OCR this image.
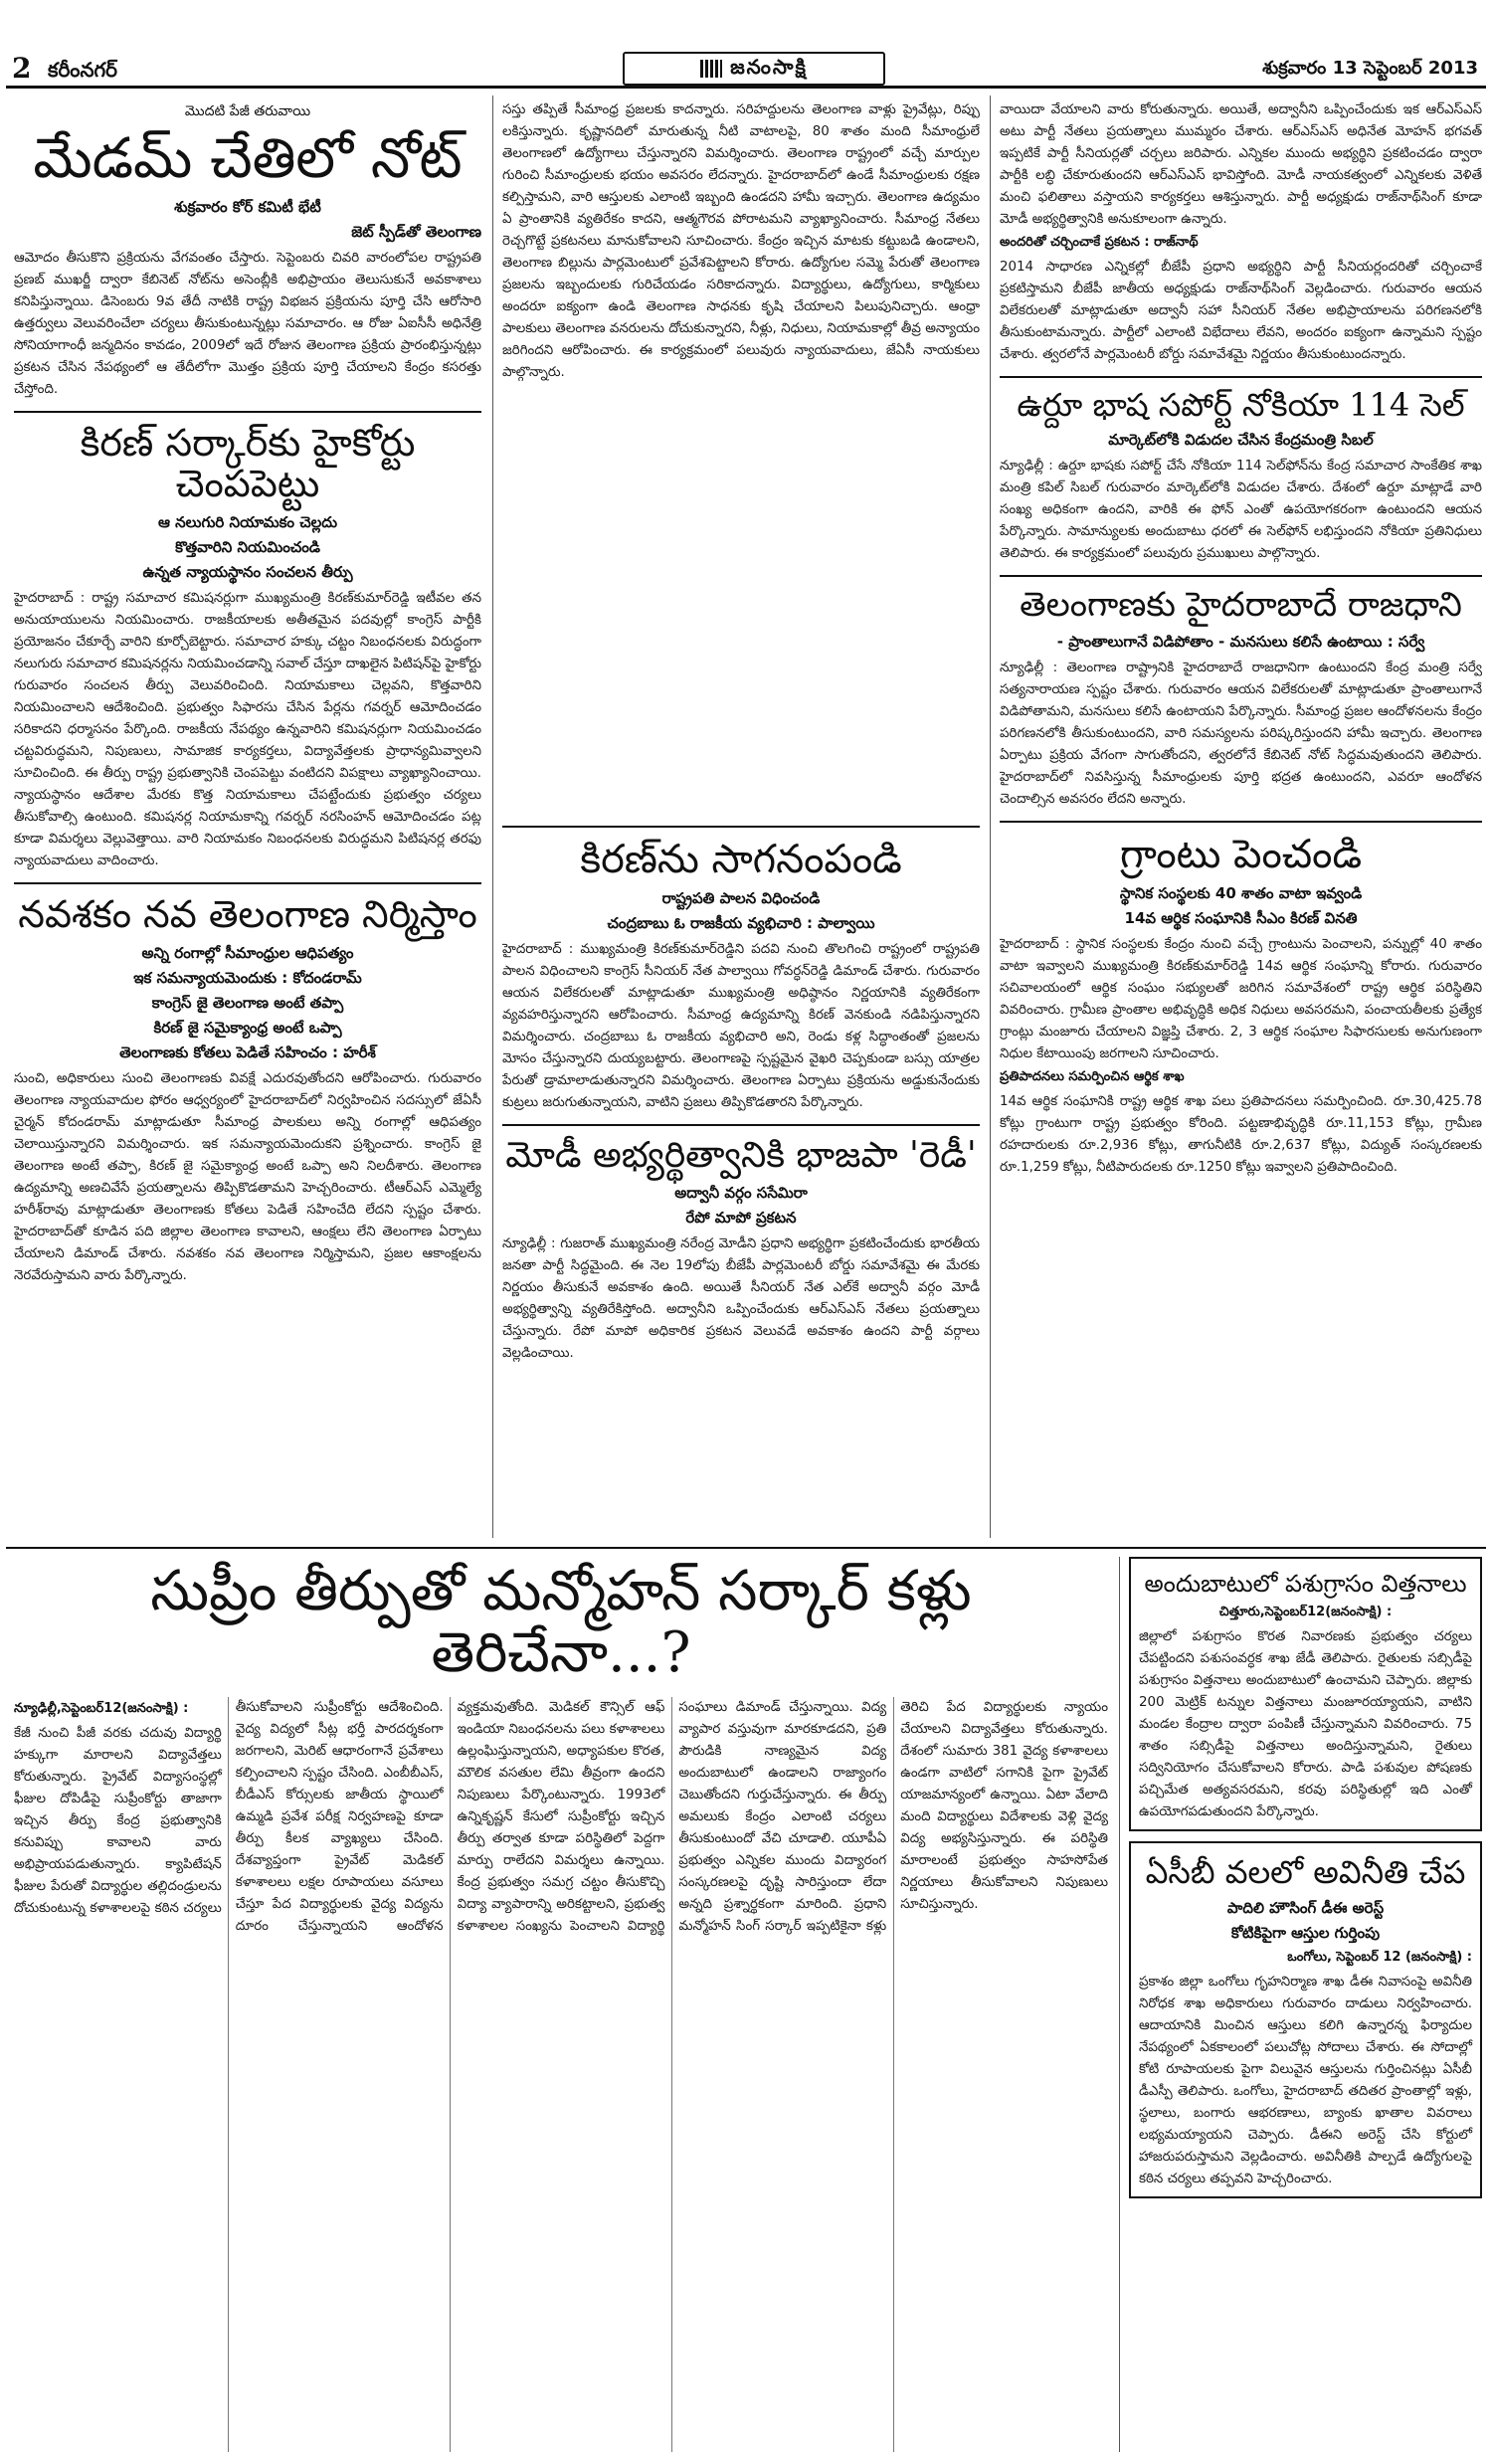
2 కరీంనగర్	జనంసాక్షి	శుక్రవారం 13 సెప్టెంబర్ 2013
మొదటి పేజీ తరువాయి
మేడమ్ చేతిలో నోట్
శుక్రవారం కోర్ కమిటీ భేటీ
జెట్ స్పీడ్‌తో తెలంగాణ

ఆమోదం తీసుకొని ప్రక్రియను వేగవంతం చేస్తారు. సెప్టెంబరు చివరి వారంలోపల రాష్ట్రపతి ప్రణబ్ ముఖర్జీ ద్వారా కేబినెట్ నోట్‌ను అసెంబ్లీకి అభిప్రాయం తెలుసుకునే అవకాశాలు కనిపిస్తున్నాయి. డిసెంబరు 9వ తేదీ నాటికి రాష్ట్ర విభజన ప్రక్రియను పూర్తి చేసి ఆరోసారి ఉత్తర్వులు వెలువరించేలా చర్యలు తీసుకుంటున్నట్లు సమాచారం. ఆ రోజు ఏఐసీసీ అధినేత్రి సోనియాగాంధీ జన్మదినం కావడం, 2009లో ఇదే రోజున తెలంగాణ ప్రక్రియ ప్రారంభిస్తున్నట్లు ప్రకటన చేసిన నేపథ్యంలో ఆ తేదీలోగా మొత్తం ప్రక్రియ పూర్తి చేయాలని కేంద్రం కసరత్తు చేస్తోంది.

కిరణ్ సర్కార్‌కు హైకోర్టు చెంపపెట్టు
ఆ నలుగురి నియామకం చెల్లదు
కొత్తవారిని నియమించండి
ఉన్నత న్యాయస్థానం సంచలన తీర్పు

హైదరాబాద్ : రాష్ట్ర సమాచార కమిషనర్లుగా ముఖ్యమంత్రి కిరణ్‌కుమార్‌రెడ్డి ఇటీవల తన అనుయాయులను నియమించారు. రాజకీయాలకు అతీతమైన పదవుల్లో కాంగ్రెస్ పార్టీకి ప్రయోజనం చేకూర్చే వారిని కూర్చోబెట్టారు. సమాచార హక్కు చట్టం నిబంధనలకు విరుద్ధంగా నలుగురు సమాచార కమిషనర్లను నియమించడాన్ని సవాల్ చేస్తూ దాఖలైన పిటిషన్‌పై హైకోర్టు గురువారం సంచలన తీర్పు వెలువరించింది. నియామకాలు చెల్లవని, కొత్తవారిని నియమించాలని ఆదేశించింది. ప్రభుత్వం సిఫారసు చేసిన పేర్లను గవర్నర్ ఆమోదించడం సరికాదని ధర్మాసనం పేర్కొంది. రాజకీయ నేపథ్యం ఉన్నవారిని కమిషనర్లుగా నియమించడం చట్టవిరుద్ధమని, నిపుణులు, సామాజిక కార్యకర్తలు, విద్యావేత్తలకు ప్రాధాన్యమివ్వాలని సూచించింది. ఈ తీర్పు రాష్ట్ర ప్రభుత్వానికి చెంపపెట్టు వంటిదని విపక్షాలు వ్యాఖ్యానించాయి. న్యాయస్థానం ఆదేశాల మేరకు కొత్త నియామకాలు చేపట్టేందుకు ప్రభుత్వం చర్యలు తీసుకోవాల్సి ఉంటుంది. కమిషనర్ల నియామకాన్ని గవర్నర్ నరసింహన్ ఆమోదించడం పట్ల కూడా విమర్శలు వెల్లువెత్తాయి. వారి నియామకం నిబంధనలకు విరుద్ధమని పిటిషనర్ల తరఫు న్యాయవాదులు వాదించారు.

నవశకం నవ తెలంగాణ నిర్మిస్తాం
అన్ని రంగాల్లో సీమాంధ్రుల ఆధిపత్యం
ఇక సమన్యాయమెందుకు : కోదండరామ్
కాంగ్రెస్ జై తెలంగాణ అంటే తప్పా
కిరణ్ జై సమైక్యాంధ్ర అంటే ఒప్పా
తెలంగాణకు కోతలు పెడితే సహించం : హరీశ్

సుంచి, అధికారులు సుంచి తెలంగాణకు వివక్షే ఎదురవుతోందని ఆరోపించారు. గురువారం తెలంగాణ న్యాయవాదుల ఫోరం ఆధ్వర్యంలో హైదరాబాద్‌లో నిర్వహించిన సదస్సులో జేఏసీ చైర్మన్ కోదండరామ్ మాట్లాడుతూ సీమాంధ్ర పాలకులు అన్ని రంగాల్లో ఆధిపత్యం చెలాయిస్తున్నారని విమర్శించారు. ఇక సమన్యాయమెందుకని ప్రశ్నించారు. కాంగ్రెస్ జై తెలంగాణ అంటే తప్పా, కిరణ్ జై సమైక్యాంధ్ర అంటే ఒప్పా అని నిలదీశారు. తెలంగాణ ఉద్యమాన్ని అణచివేసే ప్రయత్నాలను తిప్పికొడతామని హెచ్చరించారు. టీఆర్‌ఎస్ ఎమ్మెల్యే హరీశ్‌రావు మాట్లాడుతూ తెలంగాణకు కోతలు పెడితే సహించేది లేదని స్పష్టం చేశారు. హైదరాబాద్‌తో కూడిన పది జిల్లాల తెలంగాణ కావాలని, ఆంక్షలు లేని తెలంగాణ ఏర్పాటు చేయాలని డిమాండ్ చేశారు. నవశకం నవ తెలంగాణ నిర్మిస్తామని, ప్రజల ఆకాంక్షలను నెరవేరుస్తామని వారు పేర్కొన్నారు.

సస్తు తప్పితే సీమాంధ్ర ప్రజలకు కాదన్నారు. సరిహద్దులను తెలంగాణ వాళ్లు ప్రైవేట్లు, రిప్పు లకిస్తున్నారు. కృష్ణానదిలో మారుతున్న నీటి వాటాలపై, 80 శాతం మంది సీమాంధ్రులే తెలంగాణలో ఉద్యోగాలు చేస్తున్నారని విమర్శించారు. తెలంగాణ రాష్ట్రంలో వచ్చే మార్పుల గురించి సీమాంధ్రులకు భయం అవసరం లేదన్నారు. హైదరాబాద్‌లో ఉండే సీమాంధ్రులకు రక్షణ కల్పిస్తామని, వారి ఆస్తులకు ఎలాంటి ఇబ్బంది ఉండదని హామీ ఇచ్చారు. తెలంగాణ ఉద్యమం ఏ ప్రాంతానికి వ్యతిరేకం కాదని, ఆత్మగౌరవ పోరాటమని వ్యాఖ్యానించారు. సీమాంధ్ర నేతలు రెచ్చగొట్టే ప్రకటనలు మానుకోవాలని సూచించారు. కేంద్రం ఇచ్చిన మాటకు కట్టుబడి ఉండాలని, తెలంగాణ బిల్లును పార్లమెంటులో ప్రవేశపెట్టాలని కోరారు. ఉద్యోగుల సమ్మె పేరుతో తెలంగాణ ప్రజలను ఇబ్బందులకు గురిచేయడం సరికాదన్నారు. విద్యార్థులు, ఉద్యోగులు, కార్మికులు అందరూ ఐక్యంగా ఉండి తెలంగాణ సాధనకు కృషి చేయాలని పిలుపునిచ్చారు. ఆంధ్రా పాలకులు తెలంగాణ వనరులను దోచుకున్నారని, నీళ్లు, నిధులు, నియామకాల్లో తీవ్ర అన్యాయం జరిగిందని ఆరోపించారు. ఈ కార్యక్రమంలో పలువురు న్యాయవాదులు, జేఏసీ నాయకులు పాల్గొన్నారు.

కిరణ్‌ను సాగనంపండి
రాష్ట్రపతి పాలన విధించండి
చంద్రబాబు ఓ రాజకీయ వ్యభిచారి : పాల్వాయి

హైదరాబాద్ : ముఖ్యమంత్రి కిరణ్‌కుమార్‌రెడ్డిని పదవి నుంచి తొలగించి రాష్ట్రంలో రాష్ట్రపతి పాలన విధించాలని కాంగ్రెస్ సీనియర్ నేత పాల్వాయి గోవర్ధన్‌రెడ్డి డిమాండ్ చేశారు. గురువారం ఆయన విలేకరులతో మాట్లాడుతూ ముఖ్యమంత్రి అధిష్ఠానం నిర్ణయానికి వ్యతిరేకంగా వ్యవహరిస్తున్నారని ఆరోపించారు. సీమాంధ్ర ఉద్యమాన్ని కిరణ్ వెనకుండి నడిపిస్తున్నారని విమర్శించారు. చంద్రబాబు ఓ రాజకీయ వ్యభిచారి అని, రెండు కళ్ల సిద్ధాంతంతో ప్రజలను మోసం చేస్తున్నారని దుయ్యబట్టారు. తెలంగాణపై స్పష్టమైన వైఖరి చెప్పకుండా బస్సు యాత్రల పేరుతో డ్రామాలాడుతున్నారని విమర్శించారు. తెలంగాణ ఏర్పాటు ప్రక్రియను అడ్డుకునేందుకు కుట్రలు జరుగుతున్నాయని, వాటిని ప్రజలు తిప్పికొడతారని పేర్కొన్నారు.

మోడీ అభ్యర్థిత్వానికి భాజపా 'రెడీ'
అద్వానీ వర్గం ససేమిరా
రేపో మాపో ప్రకటన

న్యూఢిల్లీ : గుజరాత్ ముఖ్యమంత్రి నరేంద్ర మోడీని ప్రధాని అభ్యర్థిగా ప్రకటించేందుకు భారతీయ జనతా పార్టీ సిద్ధమైంది. ఈ నెల 19లోపు బీజేపీ పార్లమెంటరీ బోర్డు సమావేశమై ఈ మేరకు నిర్ణయం తీసుకునే అవకాశం ఉంది. అయితే సీనియర్ నేత ఎల్‌కే అద్వానీ వర్గం మోడీ అభ్యర్థిత్వాన్ని వ్యతిరేకిస్తోంది. అద్వానీని ఒప్పించేందుకు ఆర్‌ఎస్‌ఎస్ నేతలు ప్రయత్నాలు చేస్తున్నారు. రేపో మాపో అధికారిక ప్రకటన వెలువడే అవకాశం ఉందని పార్టీ వర్గాలు వెల్లడించాయి.

వాయిదా వేయాలని వారు కోరుతున్నారు. అయితే, అద్వానీని ఒప్పించేందుకు ఇక ఆర్‌ఎస్‌ఎస్ అటు పార్టీ నేతలు ప్రయత్నాలు ముమ్మరం చేశారు. ఆర్‌ఎస్‌ఎస్ అధినేత మోహన్ భగవత్ ఇప్పటికే పార్టీ సీనియర్లతో చర్చలు జరిపారు. ఎన్నికల ముందు అభ్యర్థిని ప్రకటించడం ద్వారా పార్టీకి లబ్ధి చేకూరుతుందని ఆర్‌ఎస్‌ఎస్ భావిస్తోంది. మోడీ నాయకత్వంలో ఎన్నికలకు వెళితే మంచి ఫలితాలు వస్తాయని కార్యకర్తలు ఆశిస్తున్నారు. పార్టీ అధ్యక్షుడు రాజ్‌నాథ్‌సింగ్ కూడా మోడీ అభ్యర్థిత్వానికి అనుకూలంగా ఉన్నారు.

అందరితో చర్చించాకే ప్రకటన : రాజ్‌నాథ్

2014 సాధారణ ఎన్నికల్లో బీజేపీ ప్రధాని అభ్యర్థిని పార్టీ సీనియర్లందరితో చర్చించాకే ప్రకటిస్తామని బీజేపీ జాతీయ అధ్యక్షుడు రాజ్‌నాథ్‌సింగ్ వెల్లడించారు. గురువారం ఆయన విలేకరులతో మాట్లాడుతూ అద్వానీ సహా సీనియర్ నేతల అభిప్రాయాలను పరిగణనలోకి తీసుకుంటామన్నారు. పార్టీలో ఎలాంటి విభేదాలు లేవని, అందరం ఐక్యంగా ఉన్నామని స్పష్టం చేశారు. త్వరలోనే పార్లమెంటరీ బోర్డు సమావేశమై నిర్ణయం తీసుకుంటుందన్నారు.

ఉర్దూ భాష సపోర్ట్ నోకియా 114 సెల్
మార్కెట్‌లోకి విడుదల చేసిన కేంద్రమంత్రి సిబల్

న్యూఢిల్లీ : ఉర్దూ భాషకు సపోర్ట్ చేసే నోకియా 114 సెల్‌ఫోన్‌ను కేంద్ర సమాచార సాంకేతిక శాఖ మంత్రి కపిల్ సిబల్ గురువారం మార్కెట్‌లోకి విడుదల చేశారు. దేశంలో ఉర్దూ మాట్లాడే వారి సంఖ్య అధికంగా ఉందని, వారికి ఈ ఫోన్ ఎంతో ఉపయోగకరంగా ఉంటుందని ఆయన పేర్కొన్నారు. సామాన్యులకు అందుబాటు ధరలో ఈ సెల్‌ఫోన్ లభిస్తుందని నోకియా ప్రతినిధులు తెలిపారు. ఈ కార్యక్రమంలో పలువురు ప్రముఖులు పాల్గొన్నారు.

తెలంగాణకు హైదరాబాదే రాజధాని
- ప్రాంతాలుగానే విడిపోతాం - మనసులు కలిసే ఉంటాయి : సర్వే

న్యూఢిల్లీ : తెలంగాణ రాష్ట్రానికి హైదరాబాదే రాజధానిగా ఉంటుందని కేంద్ర మంత్రి సర్వే సత్యనారాయణ స్పష్టం చేశారు. గురువారం ఆయన విలేకరులతో మాట్లాడుతూ ప్రాంతాలుగానే విడిపోతామని, మనసులు కలిసే ఉంటాయని పేర్కొన్నారు. సీమాంధ్ర ప్రజల ఆందోళనలను కేంద్రం పరిగణనలోకి తీసుకుంటుందని, వారి సమస్యలను పరిష్కరిస్తుందని హామీ ఇచ్చారు. తెలంగాణ ఏర్పాటు ప్రక్రియ వేగంగా సాగుతోందని, త్వరలోనే కేబినెట్ నోట్ సిద్ధమవుతుందని తెలిపారు. హైదరాబాద్‌లో నివసిస్తున్న సీమాంధ్రులకు పూర్తి భద్రత ఉంటుందని, ఎవరూ ఆందోళన చెందాల్సిన అవసరం లేదని అన్నారు.

గ్రాంటు పెంచండి
స్థానిక సంస్థలకు 40 శాతం వాటా ఇవ్వండి
14వ ఆర్థిక సంఘానికి సీఎం కిరణ్ వినతి

హైదరాబాద్ : స్థానిక సంస్థలకు కేంద్రం నుంచి వచ్చే గ్రాంటును పెంచాలని, పన్నుల్లో 40 శాతం వాటా ఇవ్వాలని ముఖ్యమంత్రి కిరణ్‌కుమార్‌రెడ్డి 14వ ఆర్థిక సంఘాన్ని కోరారు. గురువారం సచివాలయంలో ఆర్థిక సంఘం సభ్యులతో జరిగిన సమావేశంలో రాష్ట్ర ఆర్థిక పరిస్థితిని వివరించారు. గ్రామీణ ప్రాంతాల అభివృద్ధికి అధిక నిధులు అవసరమని, పంచాయతీలకు ప్రత్యేక గ్రాంట్లు మంజూరు చేయాలని విజ్ఞప్తి చేశారు. 2, 3 ఆర్థిక సంఘాల సిఫారసులకు అనుగుణంగా నిధుల కేటాయింపు జరగాలని సూచించారు.

ప్రతిపాదనలు సమర్పించిన ఆర్థిక శాఖ

14వ ఆర్థిక సంఘానికి రాష్ట్ర ఆర్థిక శాఖ పలు ప్రతిపాదనలు సమర్పించింది. రూ.30,425.78 కోట్లు గ్రాంటుగా రాష్ట్ర ప్రభుత్వం కోరింది. పట్టణాభివృద్ధికి రూ.11,153 కోట్లు, గ్రామీణ రహదారులకు రూ.2,936 కోట్లు, తాగునీటికి రూ.2,637 కోట్లు, విద్యుత్ సంస్కరణలకు రూ.1,259 కోట్లు, నీటిపారుదలకు రూ.1250 కోట్లు ఇవ్వాలని ప్రతిపాదించింది.

సుప్రీం తీర్పుతో మన్మోహన్ సర్కార్ కళ్లు తెరిచేనా...?
న్యూఢిల్లీ,సెప్టెంబర్12(జనంసాక్షి) :

కేజీ నుంచి పీజీ వరకు చదువు విద్యార్థి హక్కుగా మారాలని విద్యావేత్తలు కోరుతున్నారు. ప్రైవేట్ విద్యాసంస్థల్లో ఫీజుల దోపిడీపై సుప్రీంకోర్టు తాజాగా ఇచ్చిన తీర్పు కేంద్ర ప్రభుత్వానికి కనువిప్పు కావాలని వారు అభిప్రాయపడుతున్నారు. క్యాపిటేషన్ ఫీజుల పేరుతో విద్యార్థుల తల్లిదండ్రులను దోచుకుంటున్న కళాశాలలపై కఠిన చర్యలు తీసుకోవాలని సుప్రీంకోర్టు ఆదేశించింది. వైద్య విద్యలో సీట్ల భర్తీ పారదర్శకంగా జరగాలని, మెరిట్ ఆధారంగానే ప్రవేశాలు కల్పించాలని స్పష్టం చేసింది. ఎంబీబీఎస్, బీడీఎస్ కోర్సులకు జాతీయ స్థాయిలో ఉమ్మడి ప్రవేశ పరీక్ష నిర్వహణపై కూడా తీర్పు కీలక వ్యాఖ్యలు చేసింది. దేశవ్యాప్తంగా ప్రైవేట్ మెడికల్ కళాశాలలు లక్షల రూపాయలు వసూలు చేస్తూ పేద విద్యార్థులకు వైద్య విద్యను దూరం చేస్తున్నాయని ఆందోళన వ్యక్తమవుతోంది. మెడికల్ కౌన్సిల్ ఆఫ్ ఇండియా నిబంధనలను పలు కళాశాలలు ఉల్లంఘిస్తున్నాయని, అధ్యాపకుల కొరత, మౌలిక వసతుల లేమి తీవ్రంగా ఉందని నిపుణులు పేర్కొంటున్నారు. 1993లో ఉన్నికృష్ణన్ కేసులో సుప్రీంకోర్టు ఇచ్చిన తీర్పు తర్వాత కూడా పరిస్థితిలో పెద్దగా మార్పు రాలేదని విమర్శలు ఉన్నాయి. కేంద్ర ప్రభుత్వం సమగ్ర చట్టం తీసుకొచ్చి విద్యా వ్యాపారాన్ని అరికట్టాలని, ప్రభుత్వ కళాశాలల సంఖ్యను పెంచాలని విద్యార్థి సంఘాలు డిమాండ్ చేస్తున్నాయి. విద్య వ్యాపార వస్తువుగా మారకూడదని, ప్రతి పౌరుడికి నాణ్యమైన విద్య అందుబాటులో ఉండాలని రాజ్యాంగం చెబుతోందని గుర్తుచేస్తున్నారు. ఈ తీర్పు అమలుకు కేంద్రం ఎలాంటి చర్యలు తీసుకుంటుందో వేచి చూడాలి. యూపీఏ ప్రభుత్వం ఎన్నికల ముందు విద్యారంగ సంస్కరణలపై దృష్టి సారిస్తుందా లేదా అన్నది ప్రశ్నార్థకంగా మారింది. ప్రధాని మన్మోహన్ సింగ్ సర్కార్ ఇప్పటికైనా కళ్లు తెరిచి పేద విద్యార్థులకు న్యాయం చేయాలని విద్యావేత్తలు కోరుతున్నారు. దేశంలో సుమారు 381 వైద్య కళాశాలలు ఉండగా వాటిలో సగానికి పైగా ప్రైవేట్ యాజమాన్యంలో ఉన్నాయి. ఏటా వేలాది మంది విద్యార్థులు విదేశాలకు వెళ్లి వైద్య విద్య అభ్యసిస్తున్నారు. ఈ పరిస్థితి మారాలంటే ప్రభుత్వం సాహసోపేత నిర్ణయాలు తీసుకోవాలని నిపుణులు సూచిస్తున్నారు.

అందుబాటులో పశుగ్రాసం విత్తనాలు
చిత్తూరు,సెప్టెంబర్12(జనంసాక్షి) :

జిల్లాలో పశుగ్రాసం కొరత నివారణకు ప్రభుత్వం చర్యలు చేపట్టిందని పశుసంవర్ధక శాఖ జేడీ తెలిపారు. రైతులకు సబ్సిడీపై పశుగ్రాసం విత్తనాలు అందుబాటులో ఉంచామని చెప్పారు. జిల్లాకు 200 మెట్రిక్ టన్నుల విత్తనాలు మంజూరయ్యాయని, వాటిని మండల కేంద్రాల ద్వారా పంపిణీ చేస్తున్నామని వివరించారు. 75 శాతం సబ్సిడీపై విత్తనాలు అందిస్తున్నామని, రైతులు సద్వినియోగం చేసుకోవాలని కోరారు. పాడి పశువుల పోషణకు పచ్చిమేత అత్యవసరమని, కరవు పరిస్థితుల్లో ఇది ఎంతో ఉపయోగపడుతుందని పేర్కొన్నారు.

ఏసీబీ వలలో అవినీతి చేప
పాదిలి హౌసింగ్ డీఈ అరెస్ట్
కోటికిపైగా ఆస్తుల గుర్తింపు
ఒంగోలు, సెప్టెంబర్ 12 (జనంసాక్షి) :

ప్రకాశం జిల్లా ఒంగోలు గృహనిర్మాణ శాఖ డీఈ నివాసంపై అవినీతి నిరోధక శాఖ అధికారులు గురువారం దాడులు నిర్వహించారు. ఆదాయానికి మించిన ఆస్తులు కలిగి ఉన్నారన్న ఫిర్యాదుల నేపథ్యంలో ఏకకాలంలో పలుచోట్ల సోదాలు చేశారు. ఈ సోదాల్లో కోటి రూపాయలకు పైగా విలువైన ఆస్తులను గుర్తించినట్లు ఏసీబీ డీఎస్పీ తెలిపారు. ఒంగోలు, హైదరాబాద్ తదితర ప్రాంతాల్లో ఇళ్లు, స్థలాలు, బంగారు ఆభరణాలు, బ్యాంకు ఖాతాల వివరాలు లభ్యమయ్యాయని చెప్పారు. డీఈని అరెస్ట్ చేసి కోర్టులో హాజరుపరుస్తామని వెల్లడించారు. అవినీతికి పాల్పడే ఉద్యోగులపై కఠిన చర్యలు తప్పవని హెచ్చరించారు.
